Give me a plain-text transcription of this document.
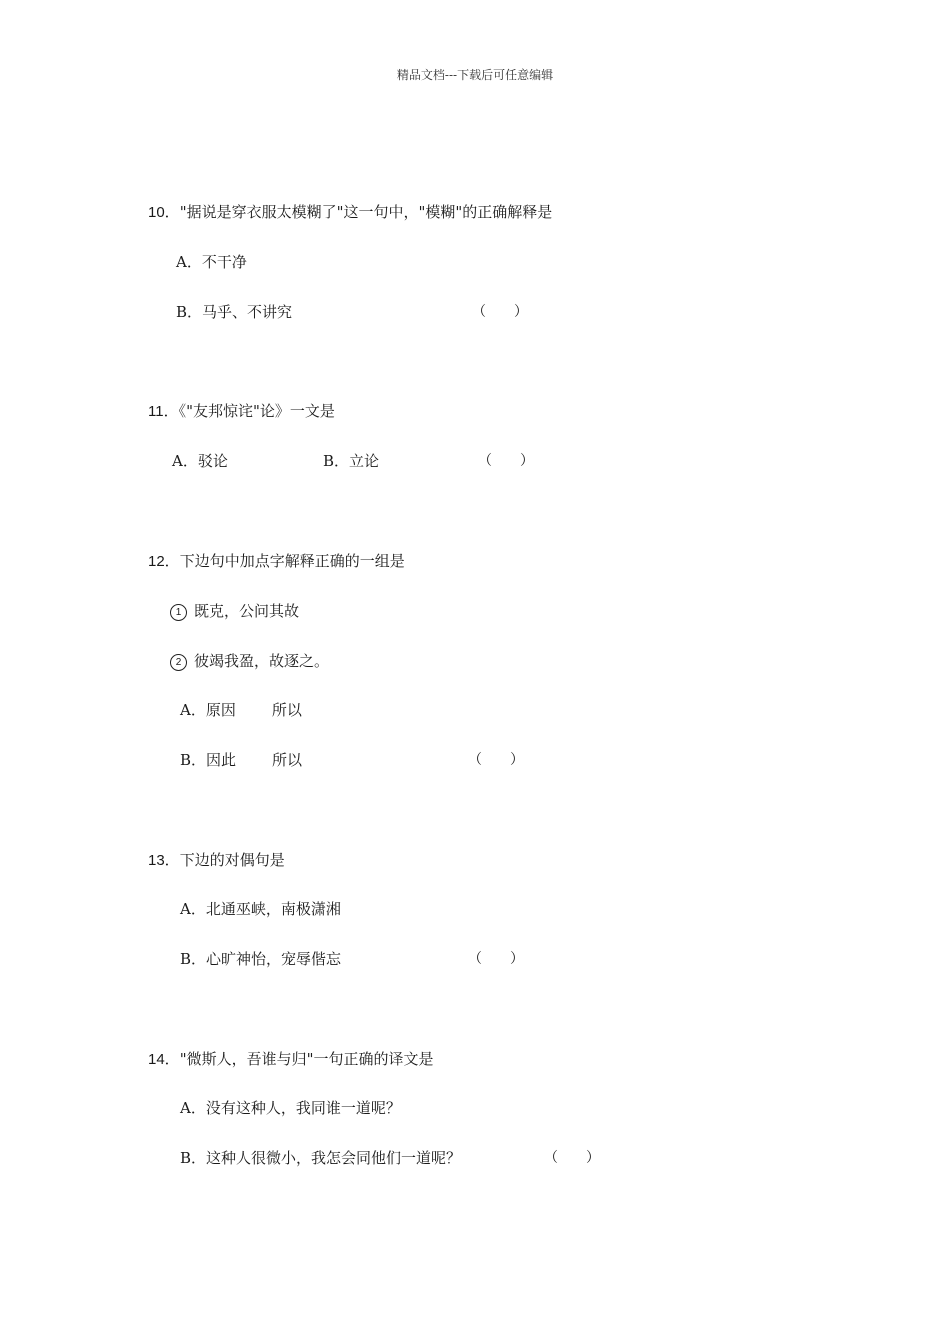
精品文档---下载后可任意编辑
10．"据说是穿衣服太模糊了"这一句中，"模糊"的正确解释是
A．不干净
B．马乎、不讲究	（　　）
11．《"友邦惊诧"论》一文是
A．驳论	B．立论	（　　）
12．下边句中加点字解释正确的一组是
1 既克，公问其故
2 彼竭我盈，故逐之。
A．原因 所以
B．因此 所以	（　　）
13．下边的对偶句是
A．北通巫峡，南极潇湘
B．心旷神怡，宠辱偕忘	（　　）
14．"微斯人，吾谁与归"一句正确的译文是
A．没有这种人，我同谁一道呢？
B．这种人很微小，我怎会同他们一道呢？	（　　）
